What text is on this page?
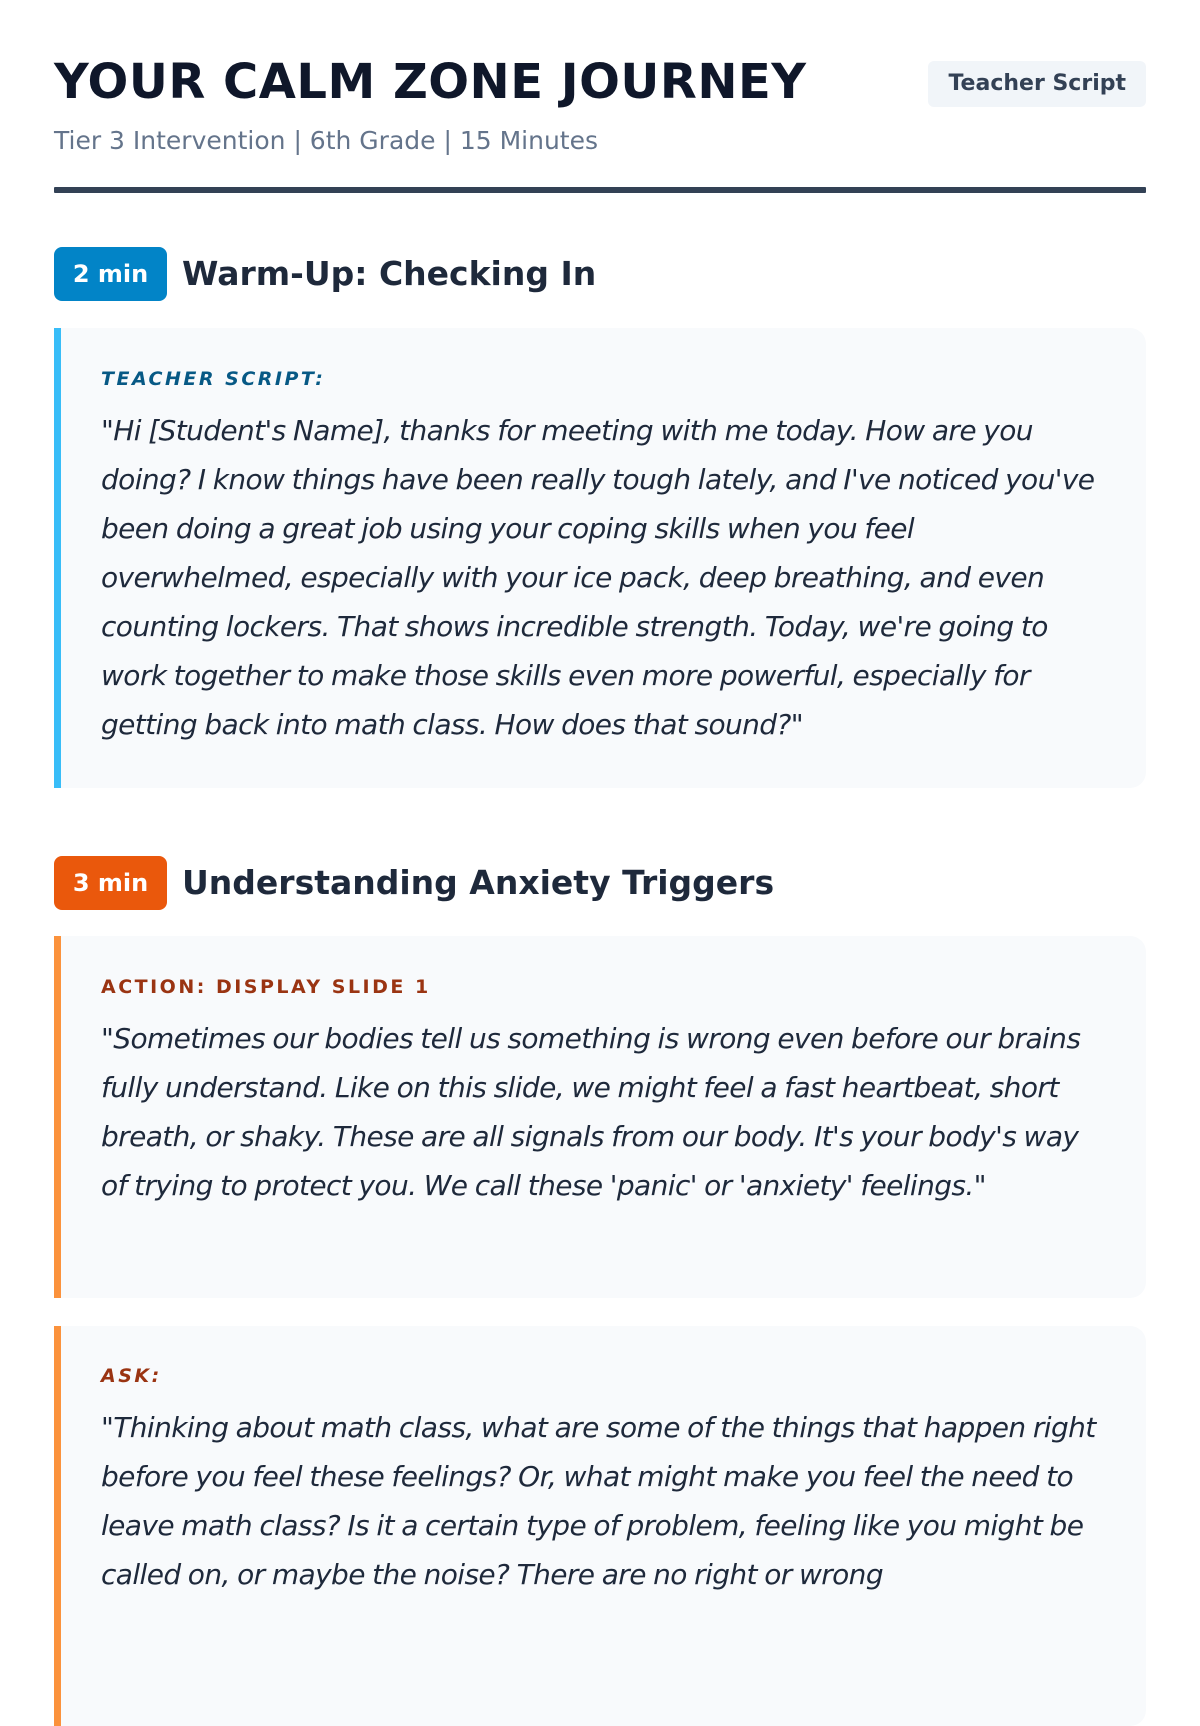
YOUR CALM ZONE JOURNEY
Tier 3 Intervention | 6th Grade | 15 Minutes
Teacher Script
2 min	Warm-Up: Checking In
TEACHER SCRIPT:
"Hi [Student's Name], thanks for meeting with me today. How are you doing? I know things have been really tough lately, and I've noticed you've been doing a great job using your coping skills when you feel overwhelmed, especially with your ice pack, deep breathing, and even counting lockers. That shows incredible strength. Today, we're going to work together to make those skills even more powerful, especially for getting back into math class. How does that sound?"
3 min	Understanding Anxiety Triggers
ACTION: DISPLAY SLIDE 1
"Sometimes our bodies tell us something is wrong even before our brains fully understand. Like on this slide, we might feel a fast heartbeat, short breath, or shaky. These are all signals from our body. It's your body's way of trying to protect you. We call these 'panic' or 'anxiety' feelings."
ASK:
"Thinking about math class, what are some of the things that happen right before you feel these feelings? Or, what might make you feel the need to leave math class? Is it a certain type of problem, feeling like you might be called on, or maybe the noise? There are no right or wrong
